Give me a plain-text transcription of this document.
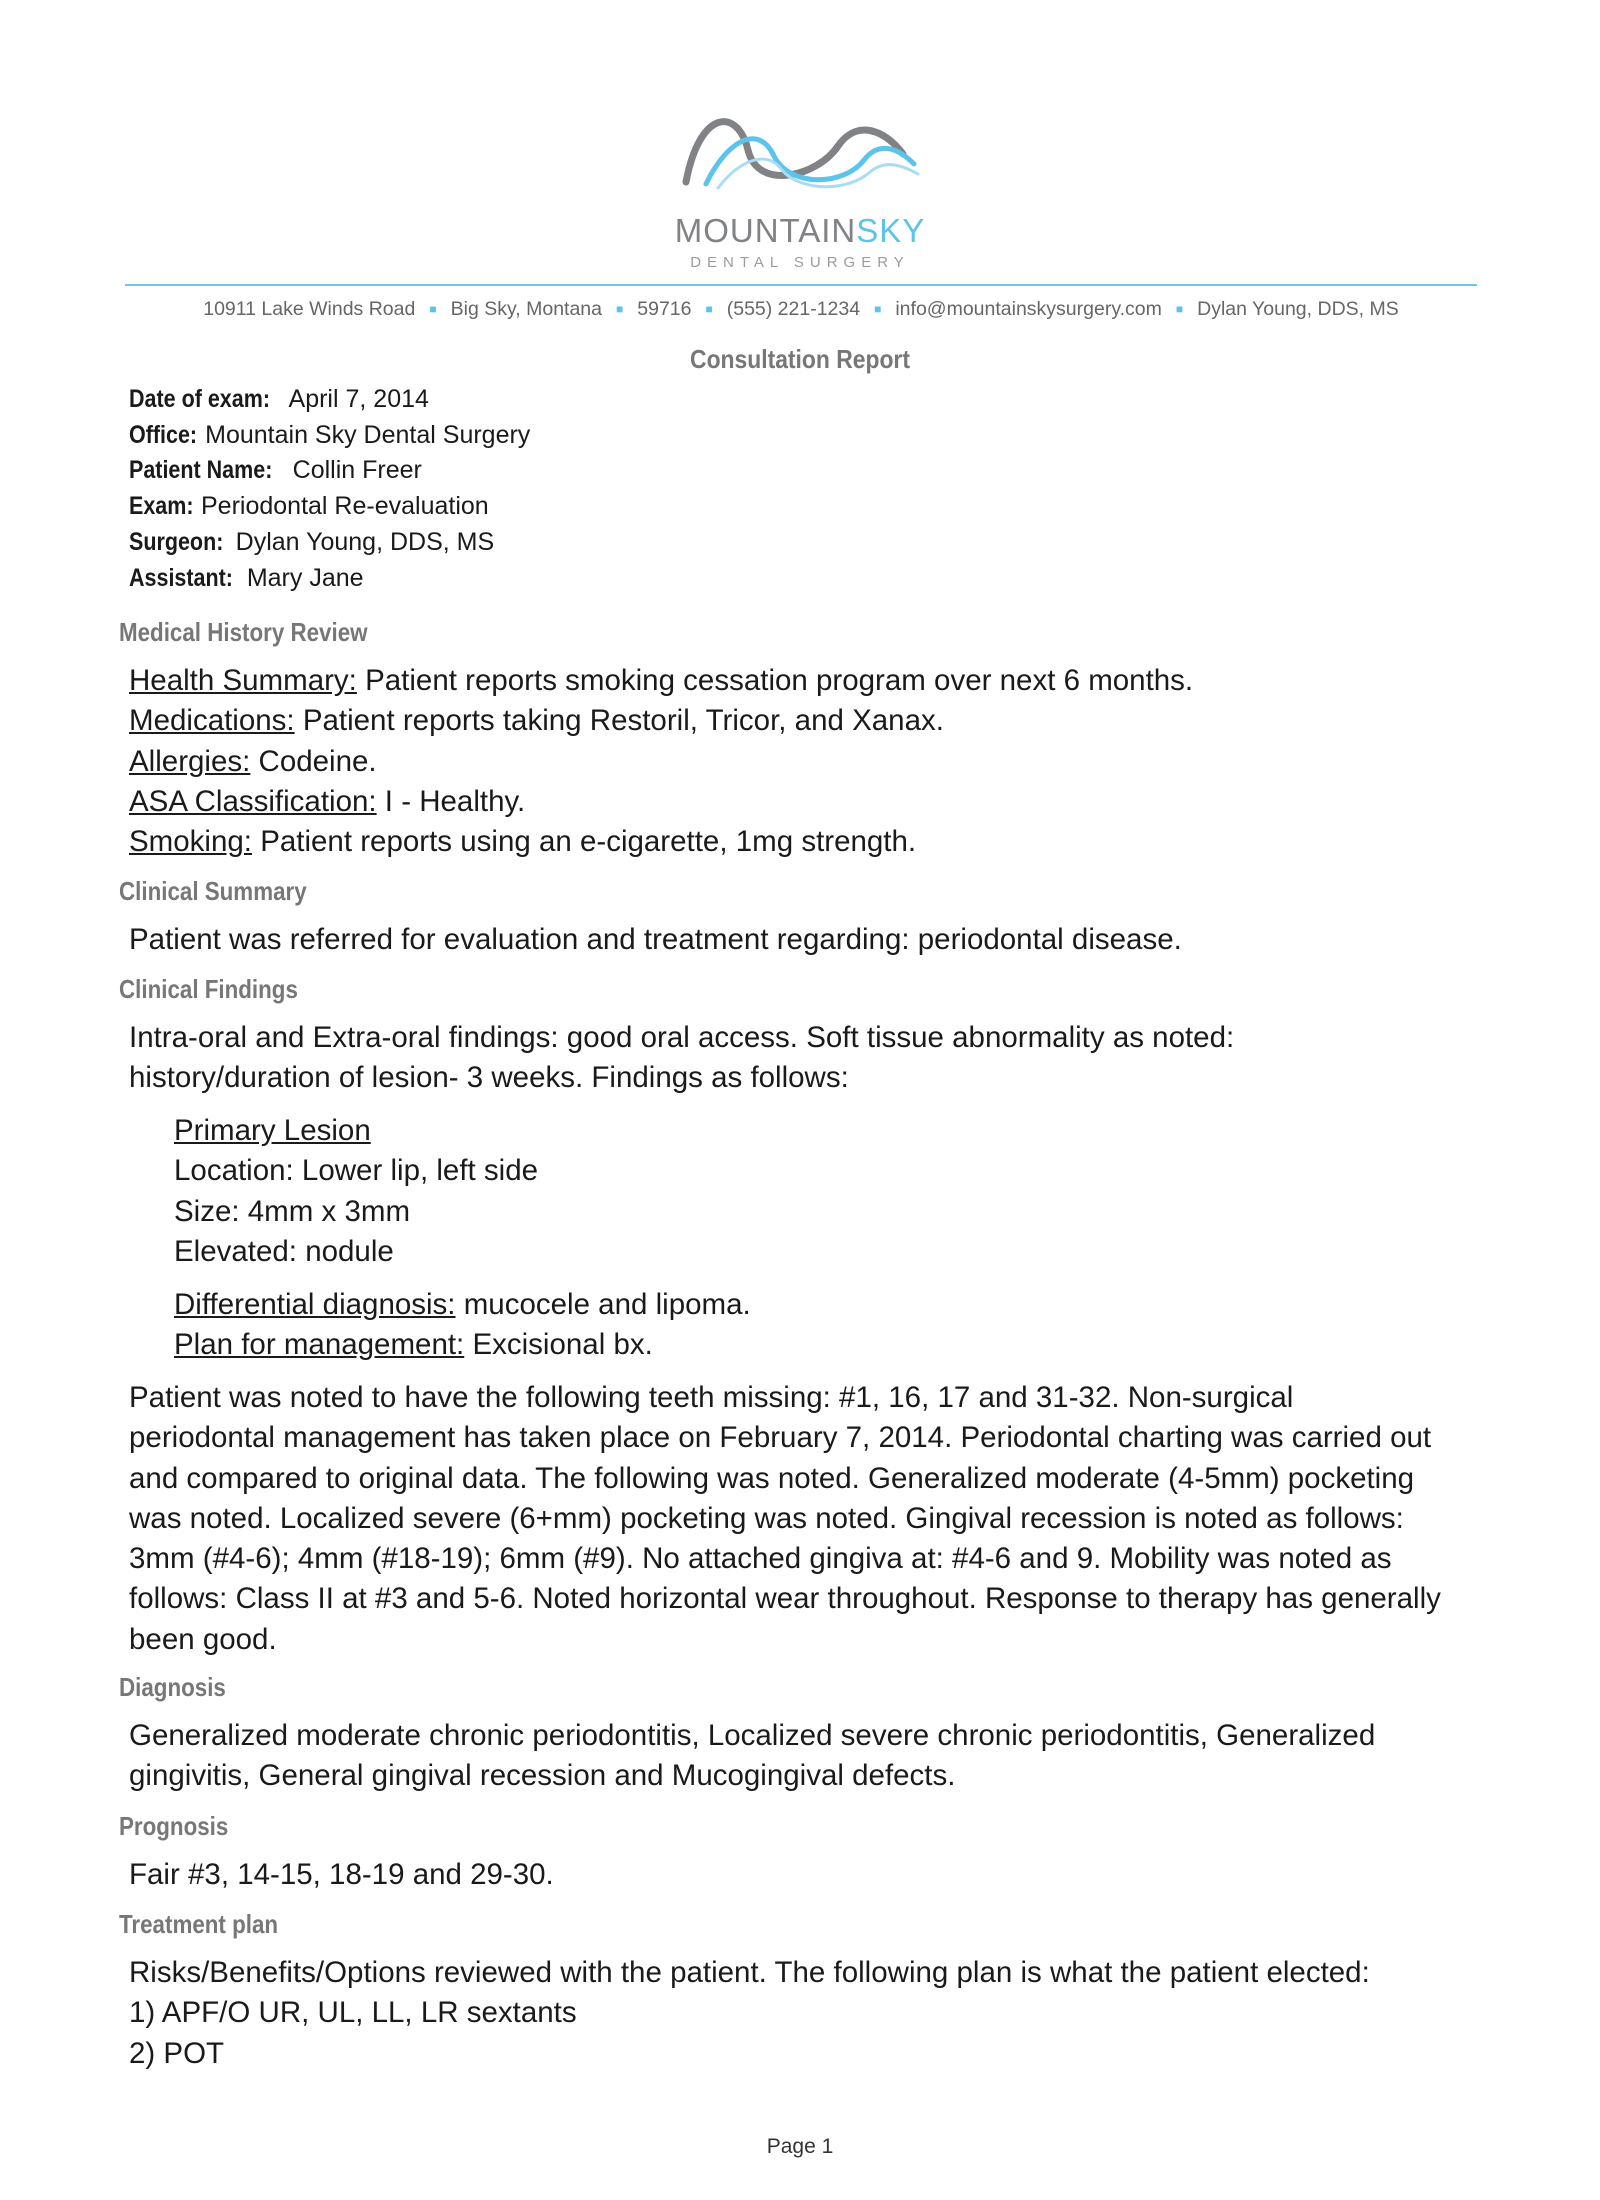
MOUNTAINSKY
DENTAL SURGERY
10911 Lake Winds Road ■ Big Sky, Montana ■ 59716 ■ (555) 221-1234 ■ info@mountainskysurgery.com ■ Dylan Young, DDS, MS
Consultation Report
Date of exam: April 7, 2014
Office: Mountain Sky Dental Surgery
Patient Name: Collin Freer
Exam: Periodontal Re-evaluation
Surgeon: Dylan Young, DDS, MS
Assistant: Mary Jane
Medical History Review
Health Summary: Patient reports smoking cessation program over next 6 months.
Medications: Patient reports taking Restoril, Tricor, and Xanax.
Allergies: Codeine.
ASA Classification: I - Healthy.
Smoking: Patient reports using an e-cigarette, 1mg strength.
Clinical Summary
Patient was referred for evaluation and treatment regarding: periodontal disease.
Clinical Findings
Intra-oral and Extra-oral findings: good oral access. Soft tissue abnormality as noted:
history/duration of lesion- 3 weeks. Findings as follows:
Primary Lesion
Location: Lower lip, left side
Size: 4mm x 3mm
Elevated: nodule
Differential diagnosis: mucocele and lipoma.
Plan for management: Excisional bx.
Patient was noted to have the following teeth missing: #1, 16, 17 and 31-32. Non-surgical
periodontal management has taken place on February 7, 2014. Periodontal charting was carried out
and compared to original data. The following was noted. Generalized moderate (4-5mm) pocketing
was noted. Localized severe (6+mm) pocketing was noted. Gingival recession is noted as follows:
3mm (#4-6); 4mm (#18-19); 6mm (#9). No attached gingiva at: #4-6 and 9. Mobility was noted as
follows: Class II at #3 and 5-6. Noted horizontal wear throughout. Response to therapy has generally
been good.
Diagnosis
Generalized moderate chronic periodontitis, Localized severe chronic periodontitis, Generalized
gingivitis, General gingival recession and Mucogingival defects.
Prognosis
Fair #3, 14-15, 18-19 and 29-30.
Treatment plan
Risks/Benefits/Options reviewed with the patient. The following plan is what the patient elected:
1) APF/O UR, UL, LL, LR sextants
2) POT
Page 1
